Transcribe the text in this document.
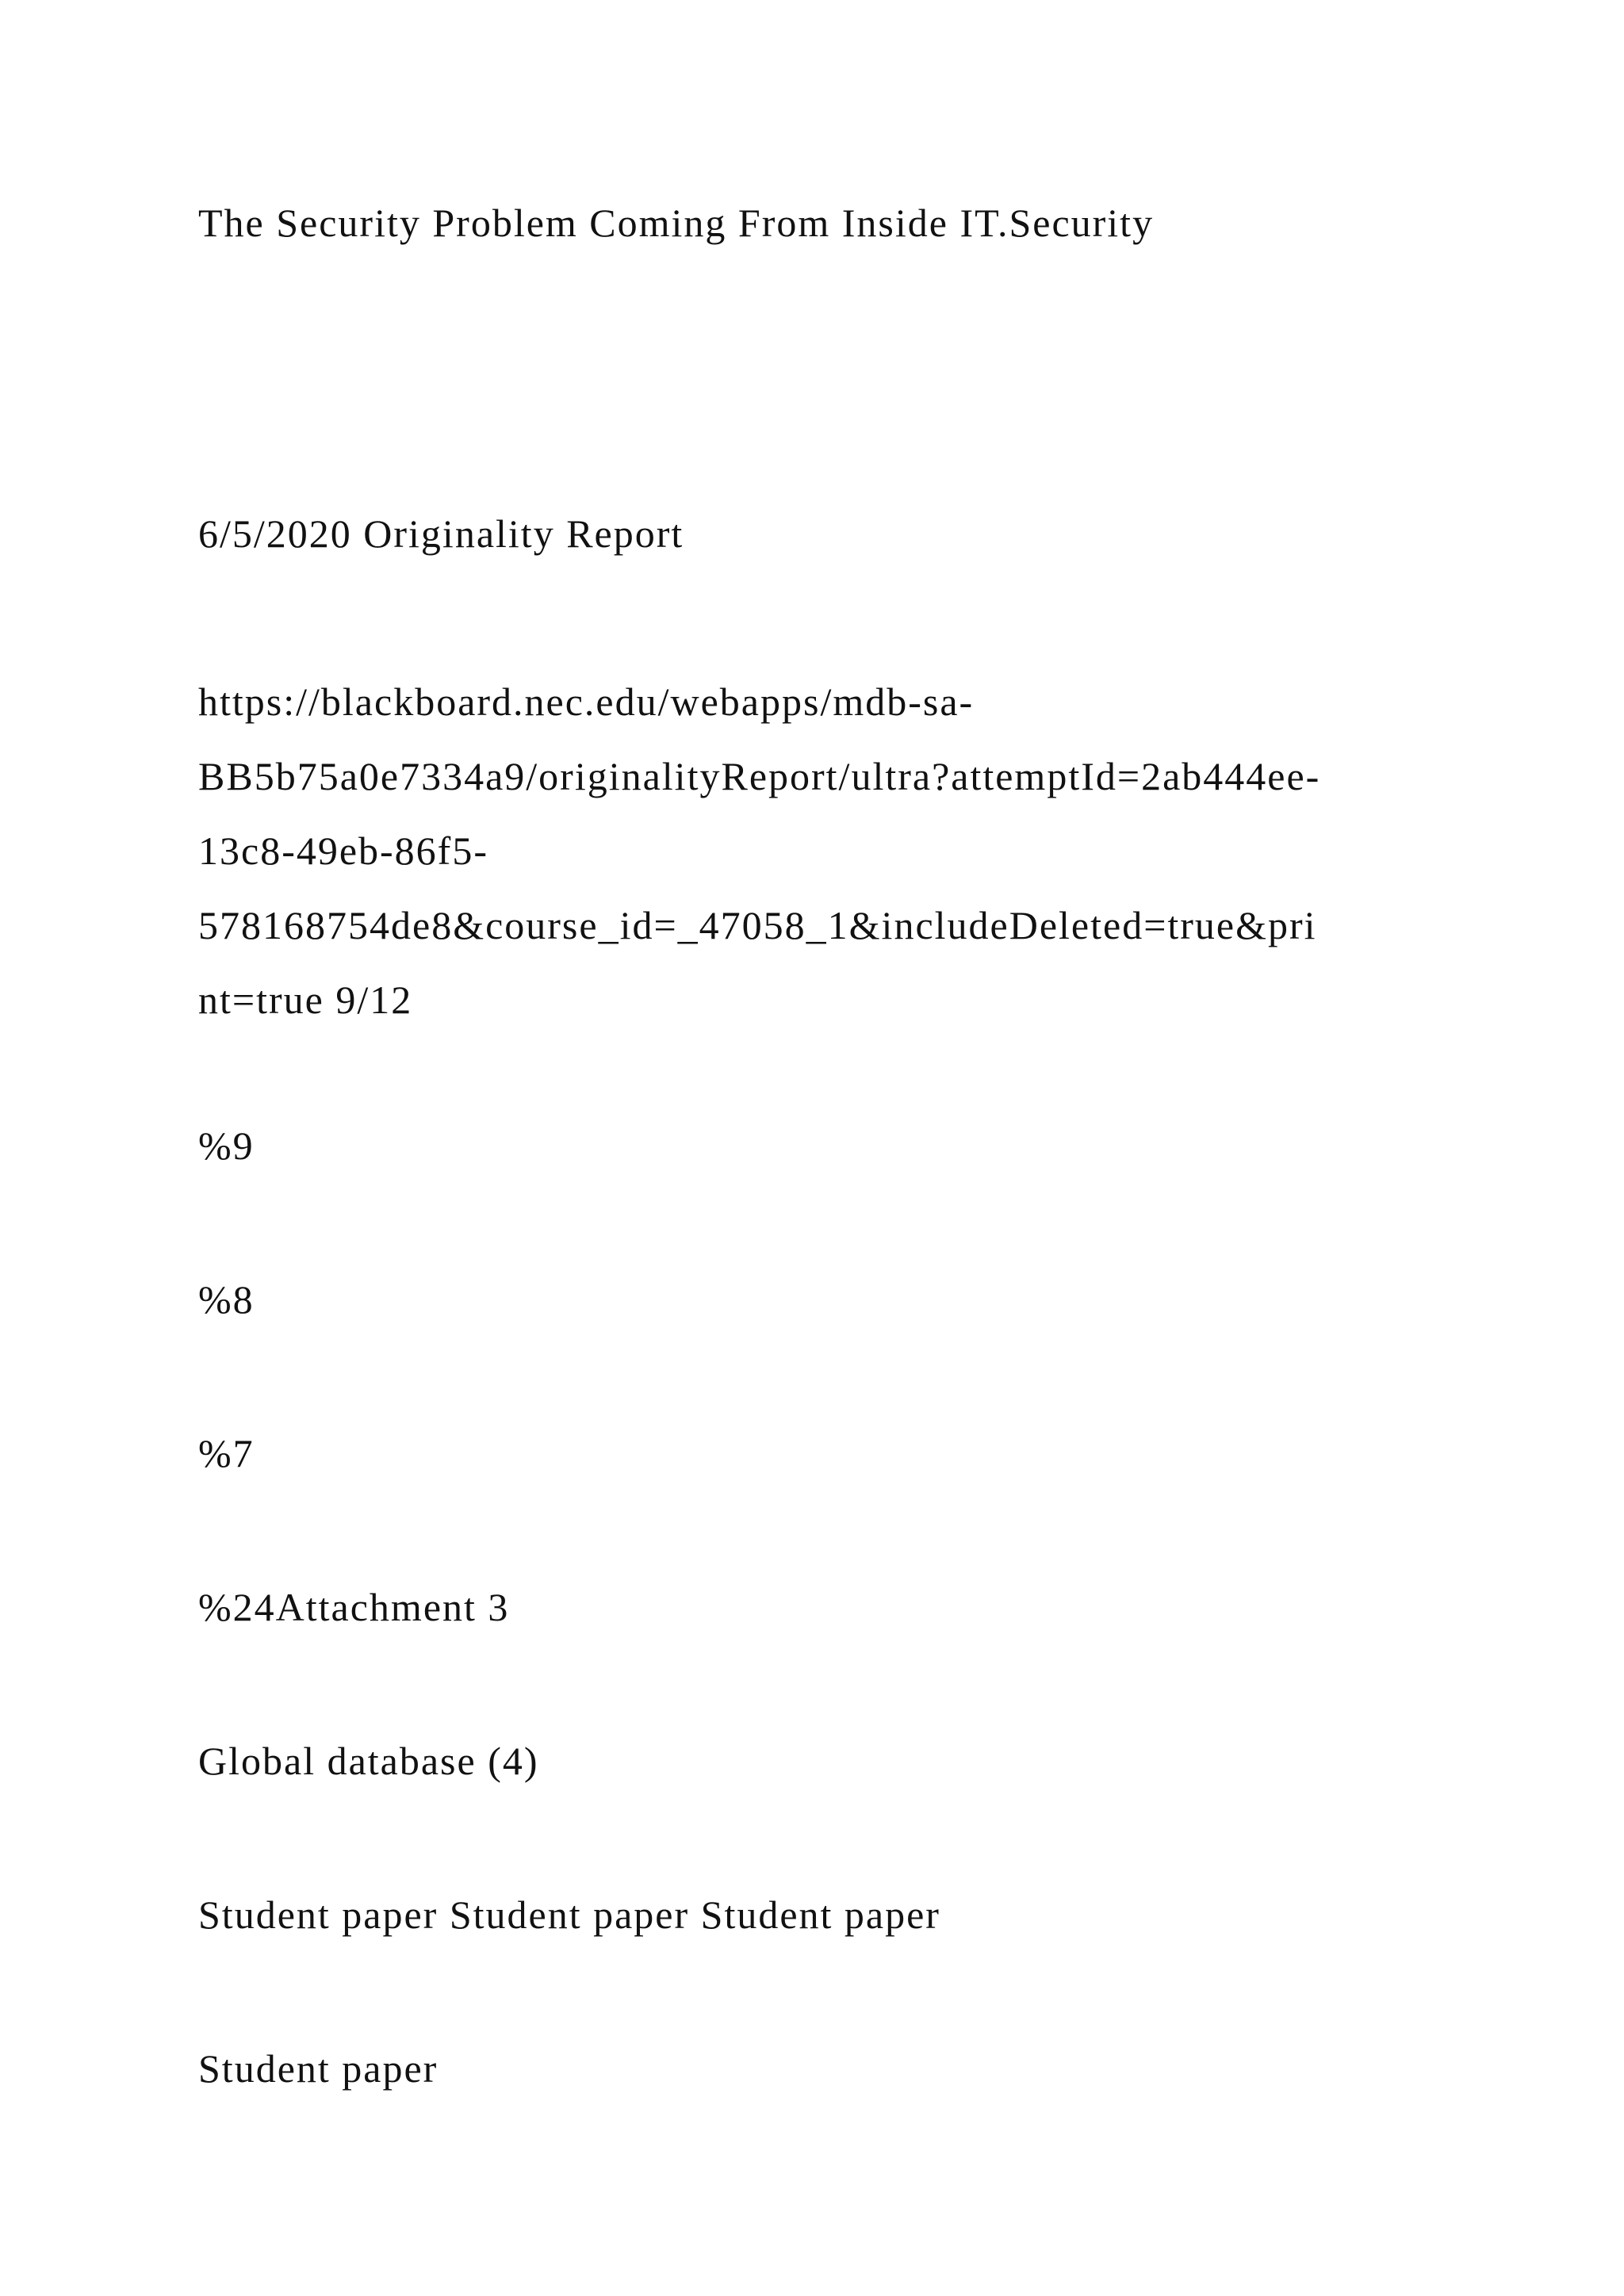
The Security Problem Coming From Inside IT.Security
6/5/2020 Originality Report
https://blackboard.nec.edu/webapps/mdb-sa-
BB5b75a0e7334a9/originalityReport/ultra?attemptId=2ab444ee-
13c8-49eb-86f5-
578168754de8&course_id=_47058_1&includeDeleted=true&pri
nt=true 9/12
%9
%8
%7
%24Attachment 3
Global database (4)
Student paper Student paper Student paper
Student paper
